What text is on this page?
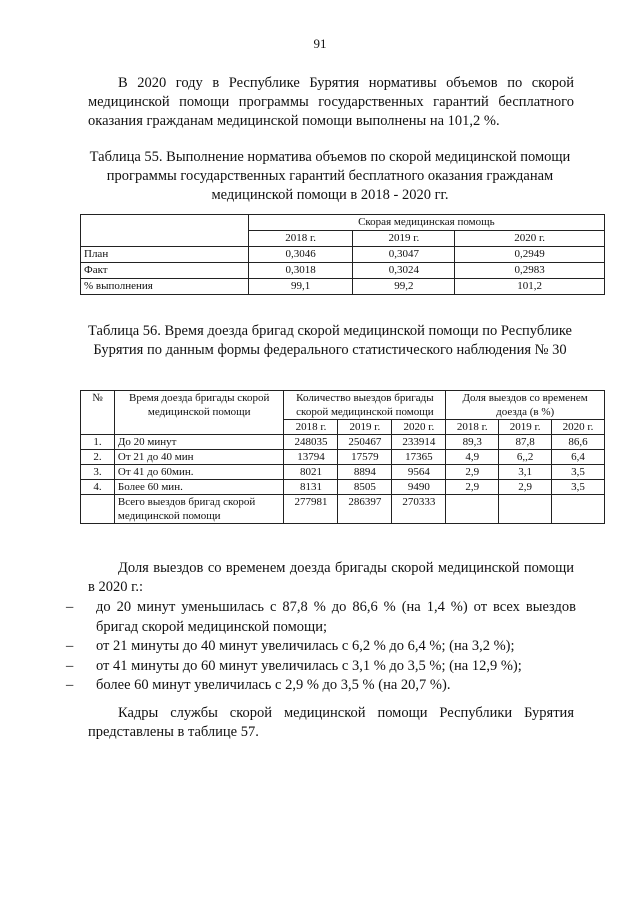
91

В 2020 году в Республике Бурятия нормативы объемов по скорой медицинской помощи программы государственных гарантий бесплатного оказания гражданам медицинской помощи выполнены на 101,2 %.

Таблица 55. Выполнение норматива объемов по скорой медицинской помощи программы государственных гарантий бесплатного оказания гражданам медицинской помощи в 2018 - 2020 гг.

	Скорая медицинская помощь		
	2018 г.	2019 г.	2020 г.
План	0,3046	0,3047	0,2949
Факт	0,3018	0,3024	0,2983
% выполнения	99,1	99,2	101,2

Таблица 56. Время доезда бригад скорой медицинской помощи по Республике Бурятия по данным формы федерального статистического наблюдения № 30

№	Время доезда бригады скорой медицинской помощи	Количество выездов бригады скорой медицинской помощи			Доля выездов со временем доезда (в %)		
		2018 г.	2019 г.	2020 г.	2018 г.	2019 г.	2020 г.
1.	До 20 минут	248035	250467	233914	89,3	87,8	86,6
2.	От 21 до 40 мин	13794	17579	17365	4,9	6,,2	6,4
3.	От 41 до 60мин.	8021	8894	9564	2,9	3,1	3,5
4.	Более 60 мин.	8131	8505	9490	2,9	2,9	3,5
	Всего выездов бригад скорой медицинской помощи	277981	286397	270333			

Доля выездов со временем доезда бригады скорой медицинской помощи в 2020 г.:

– до 20 минут уменьшилась с 87,8 % до 86,6 % (на 1,4 %) от всех выездов бригад скорой медицинской помощи;
– от 21 минуты до 40 минут увеличилась с 6,2 % до 6,4 %; (на 3,2 %);
– от 41 минуты до 60 минут увеличилась с 3,1 % до 3,5 %; (на 12,9 %);
– более 60 минут увеличилась с 2,9 % до 3,5 % (на 20,7 %).

Кадры службы скорой медицинской помощи Республики Бурятия представлены в таблице 57.
